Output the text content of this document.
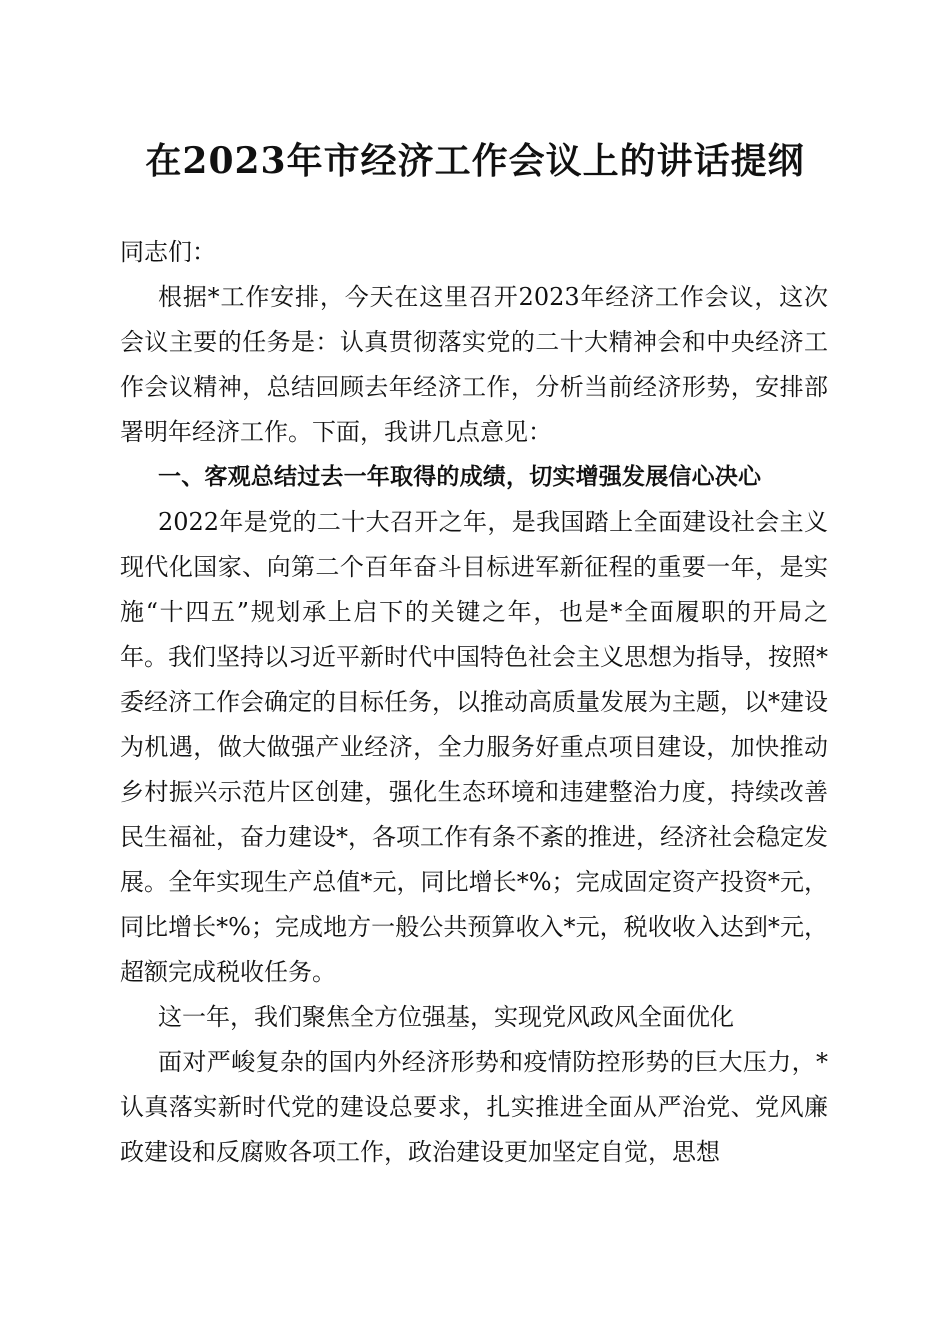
在2023年市经济工作会议上的讲话提纲

同志们：

根据*工作安排，今天在这里召开2023年经济工作会议，这次会议主要的任务是：认真贯彻落实党的二十大精神会和中央经济工作会议精神，总结回顾去年经济工作，分析当前经济形势，安排部署明年经济工作。下面，我讲几点意见：

一、客观总结过去一年取得的成绩，切实增强发展信心决心

2022年是党的二十大召开之年，是我国踏上全面建设社会主义现代化国家、向第二个百年奋斗目标进军新征程的重要一年，是实施“十四五”规划承上启下的关键之年，也是*全面履职的开局之年。我们坚持以习近平新时代中国特色社会主义思想为指导，按照*委经济工作会确定的目标任务，以推动高质量发展为主题，以*建设为机遇，做大做强产业经济，全力服务好重点项目建设，加快推动乡村振兴示范片区创建，强化生态环境和违建整治力度，持续改善民生福祉，奋力建设*，各项工作有条不紊的推进，经济社会稳定发展。全年实现生产总值*元，同比增长*%；完成固定资产投资*元，同比增长*%；完成地方一般公共预算收入*元，税收收入达到*元，超额完成税收任务。

这一年，我们聚焦全方位强基，实现党风政风全面优化

面对严峻复杂的国内外经济形势和疫情防控形势的巨大压力，*认真落实新时代党的建设总要求，扎实推进全面从严治党、党风廉政建设和反腐败各项工作，政治建设更加坚定自觉，思想
